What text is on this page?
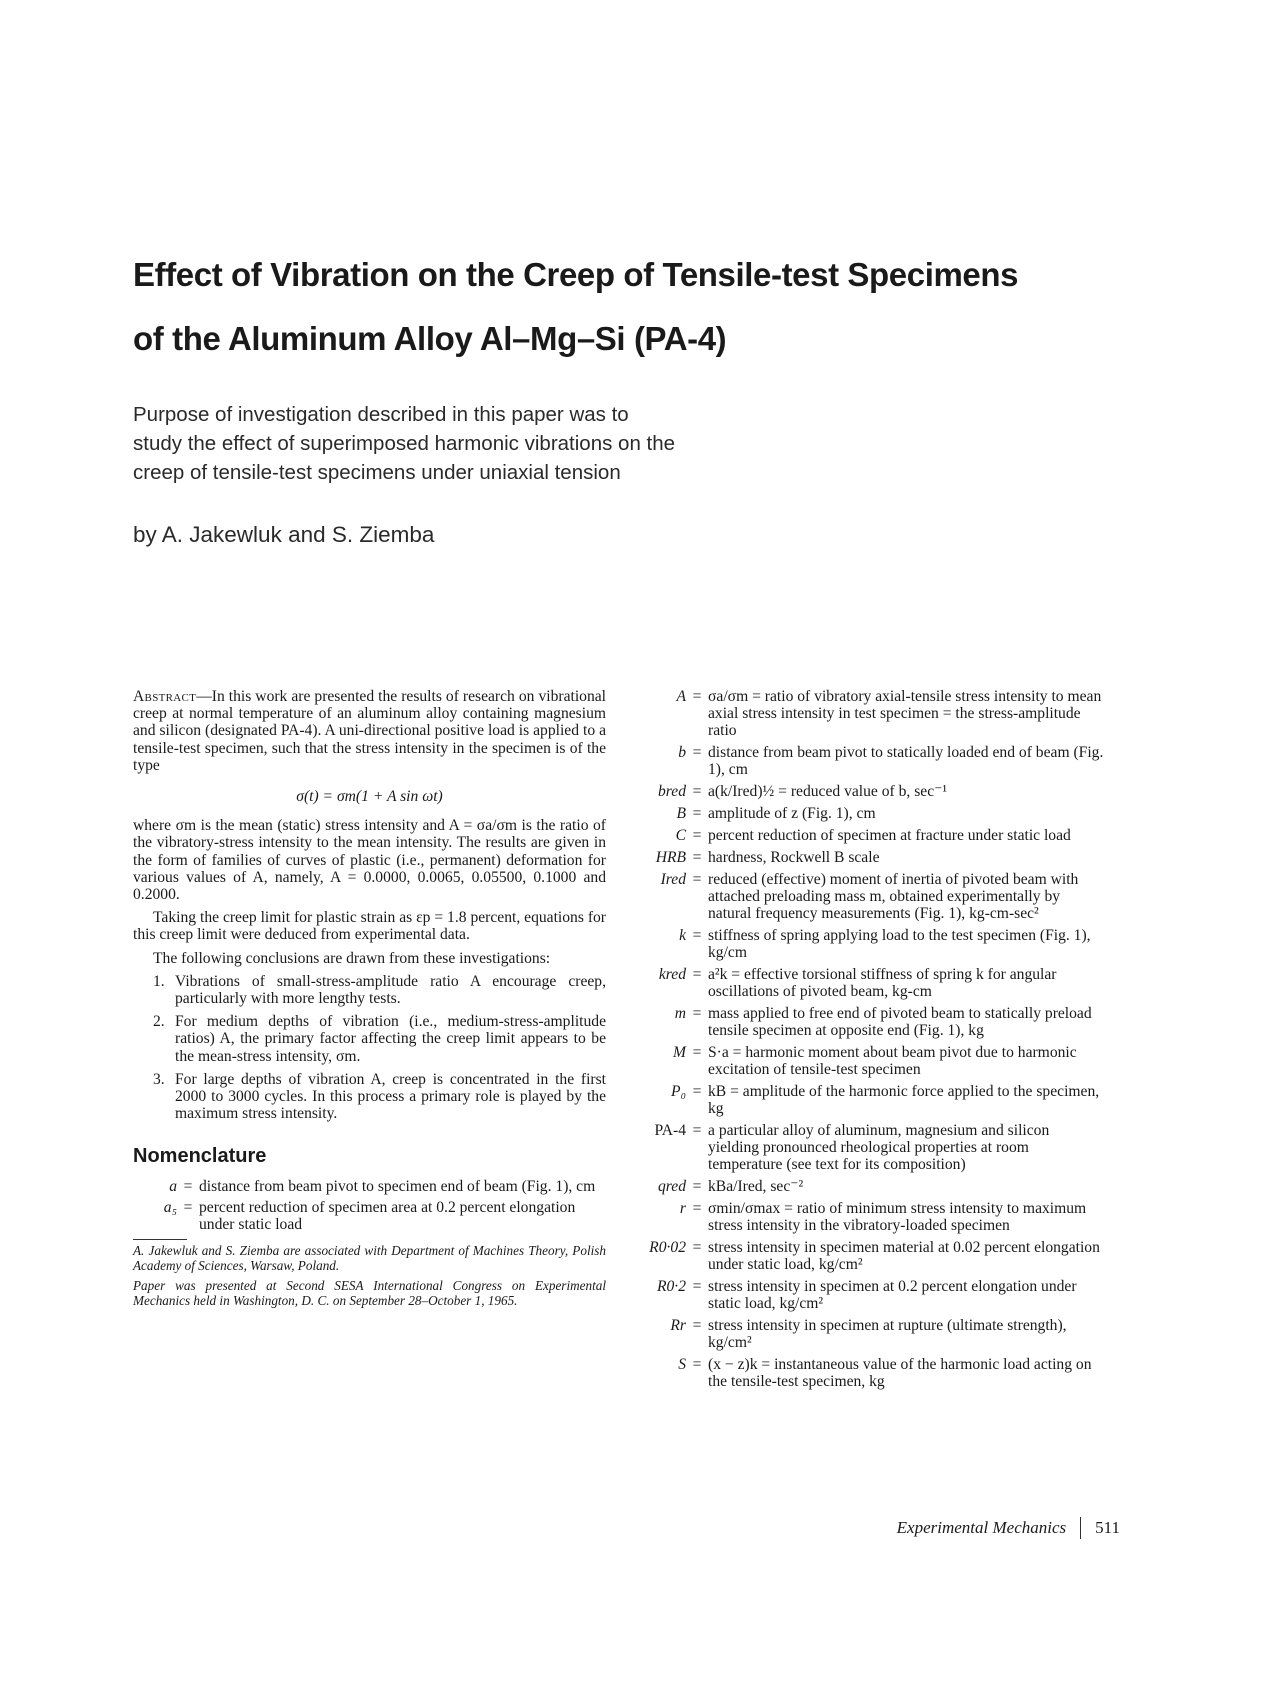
Effect of Vibration on the Creep of Tensile-test Specimens
of the Aluminum Alloy Al–Mg–Si (PA-4)
Purpose of investigation described in this paper was to
study the effect of superimposed harmonic vibrations on the
creep of tensile-test specimens under uniaxial tension
by A. Jakewluk and S. Ziemba

Abstract—In this work are presented the results of research on vibrational creep at normal temperature of an aluminum alloy containing magnesium and silicon (designated PA-4). A uni-directional positive load is applied to a tensile-test specimen, such that the stress intensity in the specimen is of the type

σ(t) = σm(1 + A sin ωt)

where σm is the mean (static) stress intensity and A = σa/σm is the ratio of the vibratory-stress intensity to the mean intensity. The results are given in the form of families of curves of plastic (i.e., permanent) deformation for various values of A, namely, A = 0.0000, 0.0065, 0.05500, 0.1000 and 0.2000.

Taking the creep limit for plastic strain as εp = 1.8 percent, equations for this creep limit were deduced from experimental data.

The following conclusions are drawn from these investigations:

1. Vibrations of small-stress-amplitude ratio A encourage creep, particularly with more lengthy tests.
2. For medium depths of vibration (i.e., medium-stress-amplitude ratios) A, the primary factor affecting the creep limit appears to be the mean-stress intensity, σm.
3. For large depths of vibration A, creep is concentrated in the first 2000 to 3000 cycles. In this process a primary role is played by the maximum stress intensity.
Nomenclature
a = distance from beam pivot to specimen end of beam (Fig. 1), cm
a₅ = percent reduction of specimen area at 0.2 percent elongation under static load

A. Jakewluk and S. Ziemba are associated with Department of Machines Theory, Polish Academy of Sciences, Warsaw, Poland.

Paper was presented at Second SESA International Congress on Experimental Mechanics held in Washington, D. C. on September 28–October 1, 1965.

A = σa/σm = ratio of vibratory axial-tensile stress intensity to mean axial stress intensity in test specimen = the stress-amplitude ratio
b = distance from beam pivot to statically loaded end of beam (Fig. 1), cm
bred = a(k/Ired)½ = reduced value of b, sec⁻¹
B = amplitude of z (Fig. 1), cm
C = percent reduction of specimen at fracture under static load
HRB = hardness, Rockwell B scale
Ired = reduced (effective) moment of inertia of pivoted beam with attached preloading mass m, obtained experimentally by natural frequency measurements (Fig. 1), kg-cm-sec²
k = stiffness of spring applying load to the test specimen (Fig. 1), kg/cm
kred = a²k = effective torsional stiffness of spring k for angular oscillations of pivoted beam, kg-cm
m = mass applied to free end of pivoted beam to statically preload tensile specimen at opposite end (Fig. 1), kg
M = S·a = harmonic moment about beam pivot due to harmonic excitation of tensile-test specimen
P₀ = kB = amplitude of the harmonic force applied to the specimen, kg
PA-4 = a particular alloy of aluminum, magnesium and silicon yielding pronounced rheological properties at room temperature (see text for its composition)
qred = kBa/Ired, sec⁻²
r = σmin/σmax = ratio of minimum stress intensity to maximum stress intensity in the vibratory-loaded specimen
R0·02 = stress intensity in specimen material at 0.02 percent elongation under static load, kg/cm²
R0·2 = stress intensity in specimen at 0.2 percent elongation under static load, kg/cm²
Rr = stress intensity in specimen at rupture (ultimate strength), kg/cm²
S = (x − z)k = instantaneous value of the harmonic load acting on the tensile-test specimen, kg
Experimental Mechanics 511
